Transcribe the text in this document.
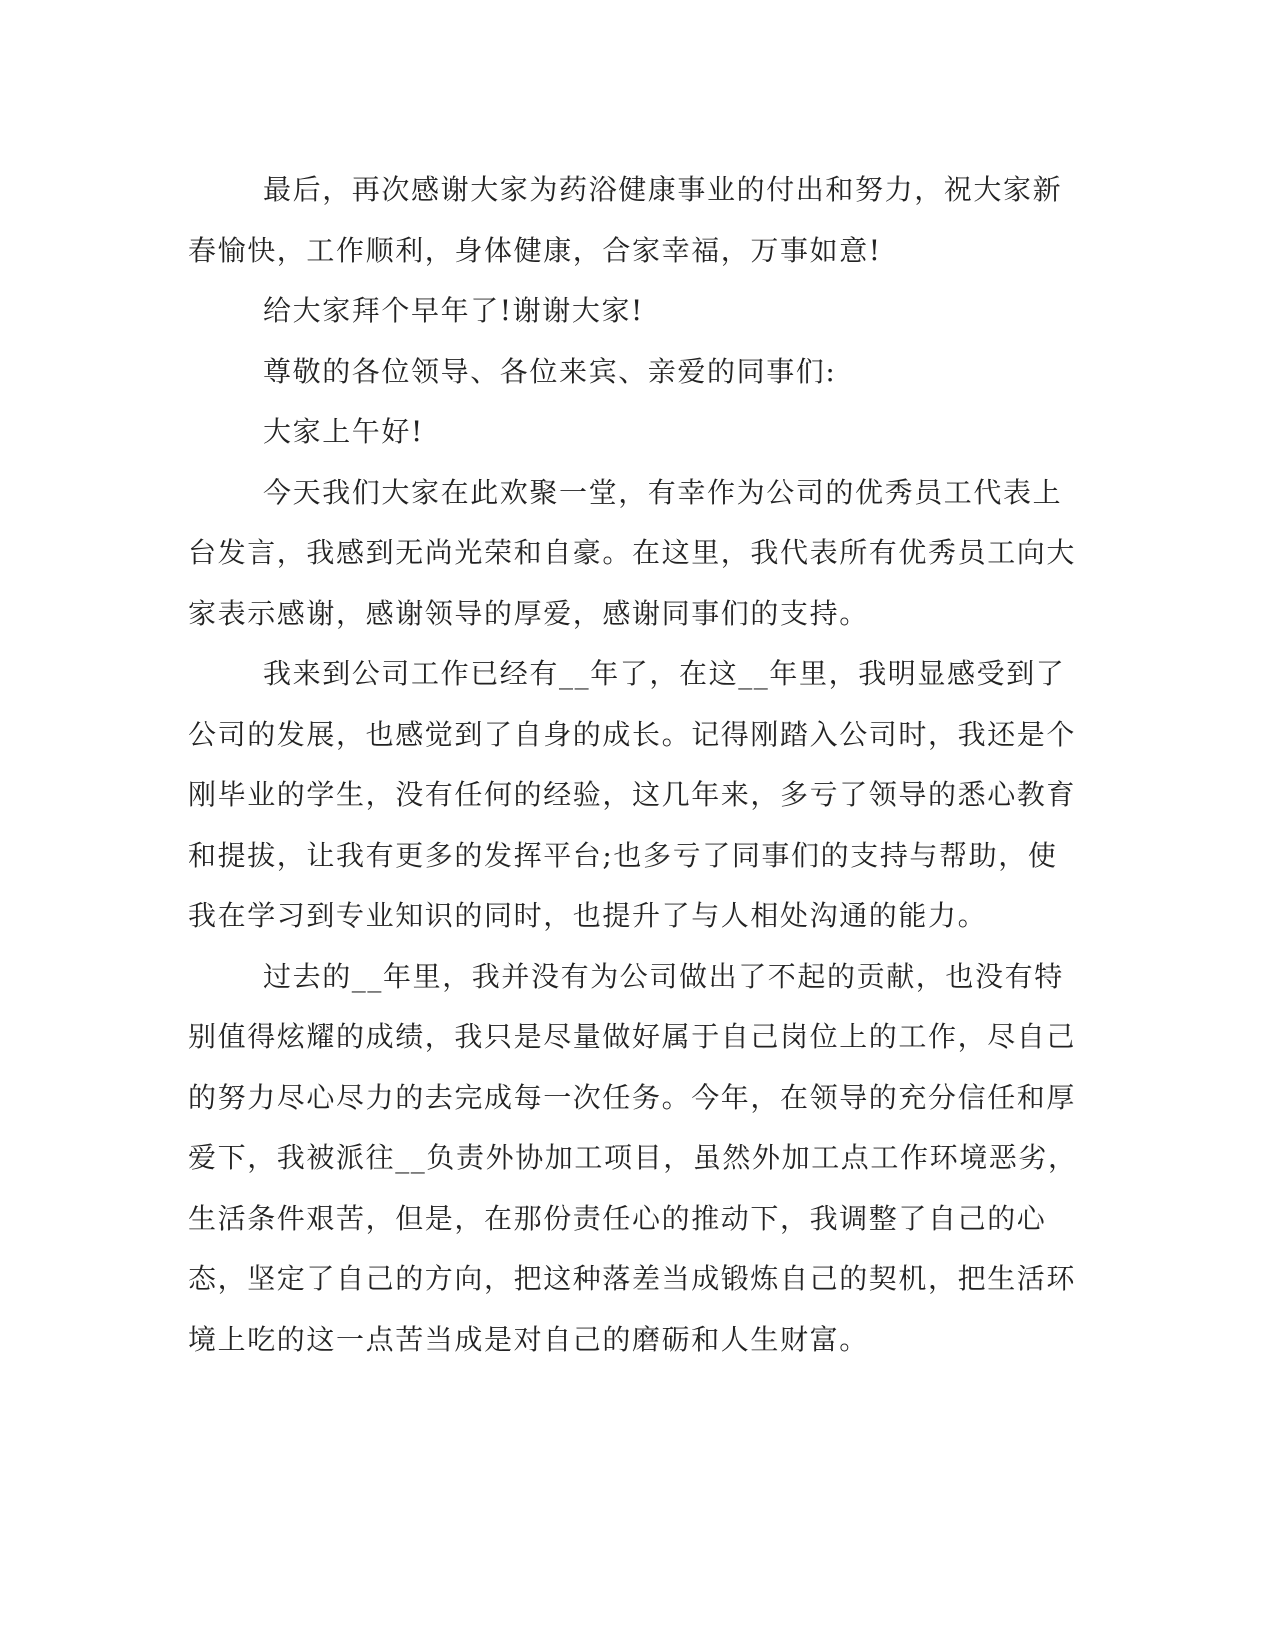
最后，再次感谢大家为药浴健康事业的付出和努力，祝大家新春愉快，工作顺利，身体健康，合家幸福，万事如意!

给大家拜个早年了!谢谢大家!

尊敬的各位领导、各位来宾、亲爱的同事们:

大家上午好!

今天我们大家在此欢聚一堂，有幸作为公司的优秀员工代表上台发言，我感到无尚光荣和自豪。在这里，我代表所有优秀员工向大家表示感谢，感谢领导的厚爱，感谢同事们的支持。

我来到公司工作已经有__年了，在这__年里，我明显感受到了公司的发展，也感觉到了自身的成长。记得刚踏入公司时，我还是个刚毕业的学生，没有任何的经验，这几年来，多亏了领导的悉心教育和提拔，让我有更多的发挥平台;也多亏了同事们的支持与帮助，使我在学习到专业知识的同时，也提升了与人相处沟通的能力。

过去的__年里，我并没有为公司做出了不起的贡献，也没有特别值得炫耀的成绩，我只是尽量做好属于自己岗位上的工作，尽自己的努力尽心尽力的去完成每一次任务。今年，在领导的充分信任和厚爱下，我被派往__负责外协加工项目，虽然外加工点工作环境恶劣，生活条件艰苦，但是，在那份责任心的推动下，我调整了自己的心态，坚定了自己的方向，把这种落差当成锻炼自己的契机，把生活环境上吃的这一点苦当成是对自己的磨砺和人生财富。
